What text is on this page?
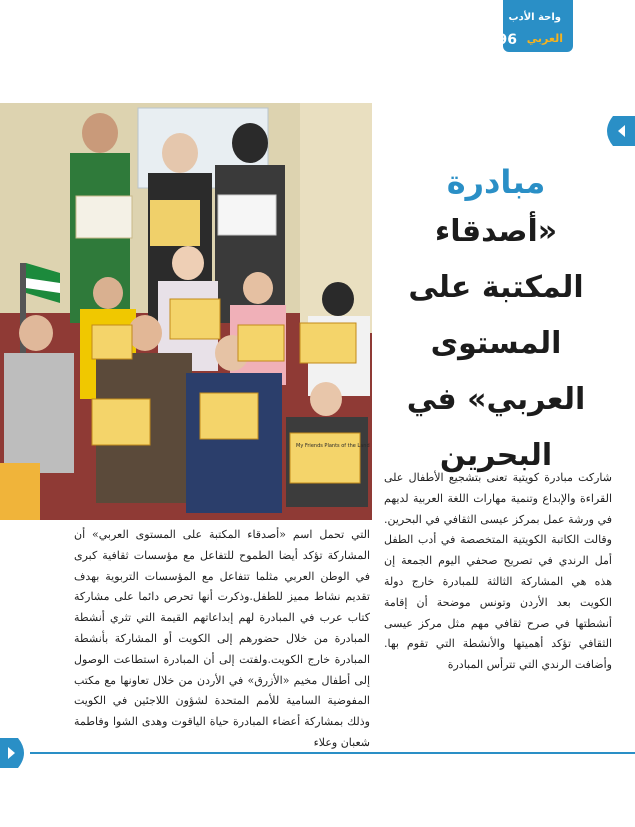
واحة الأدب
العربي
96
My Friends Plants of the Land
مبادرة
«أصدقاء
المكتبة على
المستوى
العربي» في
البحرين
شاركت مبادرة كويتية تعنى بتشجيع الأطفال على القراءة والإبداع وتنمية مهارات اللغة العربية لديهم في ورشة عمل بمركز عيسى الثقافي في البحرين. وقالت الكاتبة الكويتية المتخصصة في أدب الطفل أمل الرندي في تصريح صحفي اليوم الجمعة إن هذه هي المشاركة الثالثة للمبادرة خارج دولة الكويت بعد الأردن وتونس موضحة أن إقامة أنشطتها في صرح ثقافي مهم مثل مركز عيسى الثقافي تؤكد أهميتها والأنشطة التي تقوم بها. وأضافت الرندي التي تترأس المبادرة
التي تحمل اسم «أصدقاء المكتبة على المستوى العربي» أن المشاركة تؤكد أيضا الطموح للتفاعل مع مؤسسات ثقافية كبرى في الوطن العربي مثلما تتفاعل مع المؤسسات التربوية بهدف تقديم نشاط مميز للطفل.وذكرت أنها تحرص دائما على مشاركة كتاب عرب في المبادرة لهم إبداعاتهم القيمة التي تثري أنشطة المبادرة من خلال حضورهم إلى الكويت أو المشاركة بأنشطة المبادرة خارج الكويت.ولفتت إلى أن المبادرة استطاعت الوصول إلى أطفال مخيم «الأزرق» في الأردن من خلال تعاونها مع مكتب المفوضية السامية للأمم المتحدة لشؤون اللاجئين في الكويت وذلك بمشاركة أعضاء المبادرة حياة الياقوت وهدى الشوا وفاطمة شعبان وعلاء
